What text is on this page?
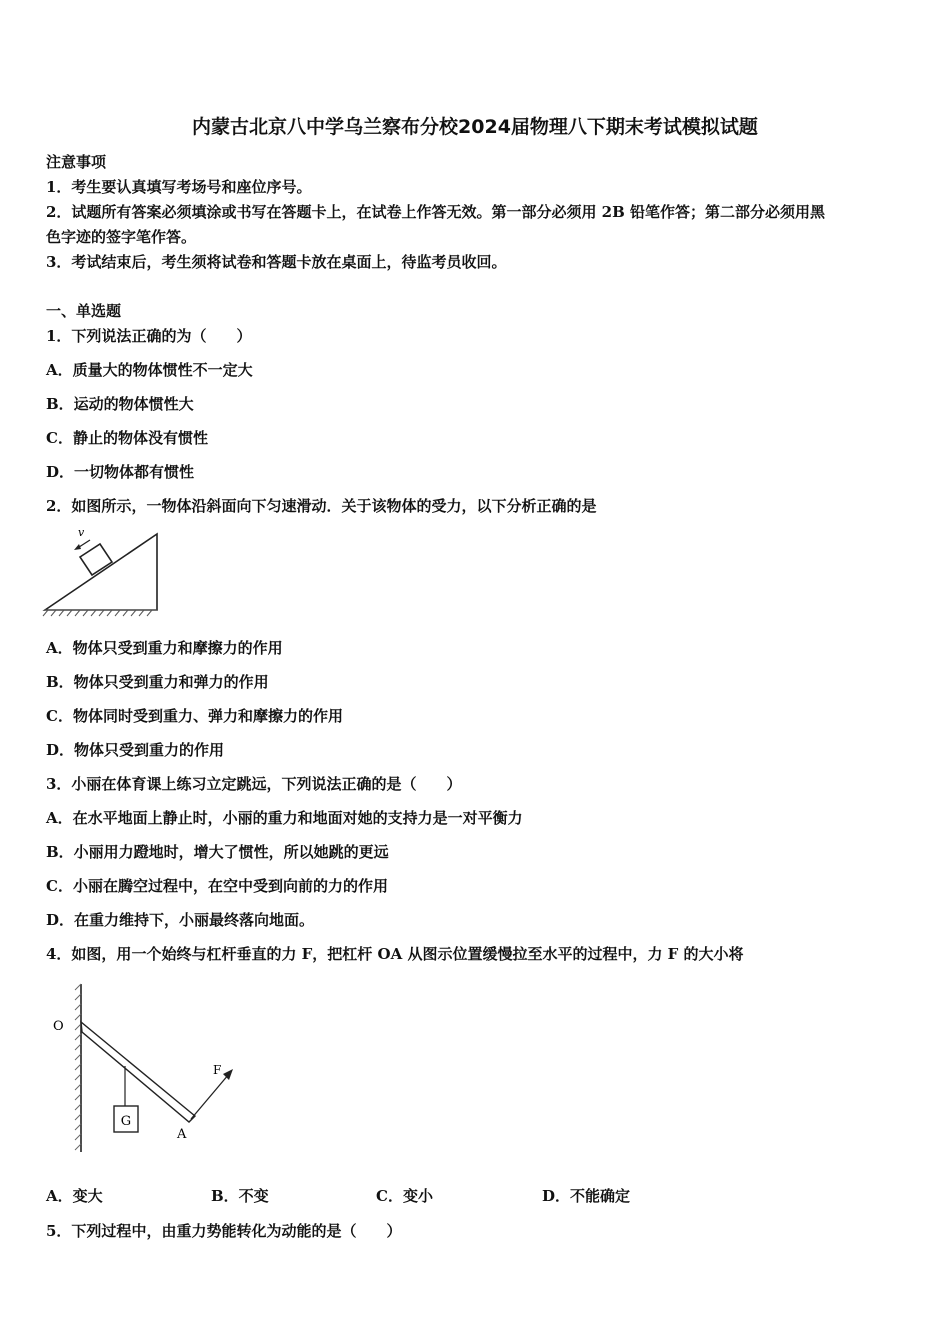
内蒙古北京八中学乌兰察布分校2024届物理八下期末考试模拟试题
注意事项
1．考生要认真填写考场号和座位序号。
2．试题所有答案必须填涂或书写在答题卡上，在试卷上作答无效。第一部分必须用 2B 铅笔作答；第二部分必须用黑
色字迹的签字笔作答。
3．考试结束后，考生须将试卷和答题卡放在桌面上，待监考员收回。
一、单选题
1．下列说法正确的为（　　）
A．质量大的物体惯性不一定大
B．运动的物体惯性大
C．静止的物体没有惯性
D．一切物体都有惯性
2．如图所示，一物体沿斜面向下匀速滑动．关于该物体的受力，以下分析正确的是
v
A．物体只受到重力和摩擦力的作用
B．物体只受到重力和弹力的作用
C．物体同时受到重力、弹力和摩擦力的作用
D．物体只受到重力的作用
3．小丽在体育课上练习立定跳远，下列说法正确的是（　　）
A．在水平地面上静止时，小丽的重力和地面对她的支持力是一对平衡力
B．小丽用力蹬地时，增大了惯性，所以她跳的更远
C．小丽在腾空过程中，在空中受到向前的力的作用
D．在重力维持下，小丽最终落向地面。
4．如图，用一个始终与杠杆垂直的力 F，把杠杆 OA 从图示位置缓慢拉至水平的过程中，力 F 的大小将
G
O
F
A
A．变大	B．不变	C．变小	D．不能确定
5．下列过程中，由重力势能转化为动能的是（　　）
